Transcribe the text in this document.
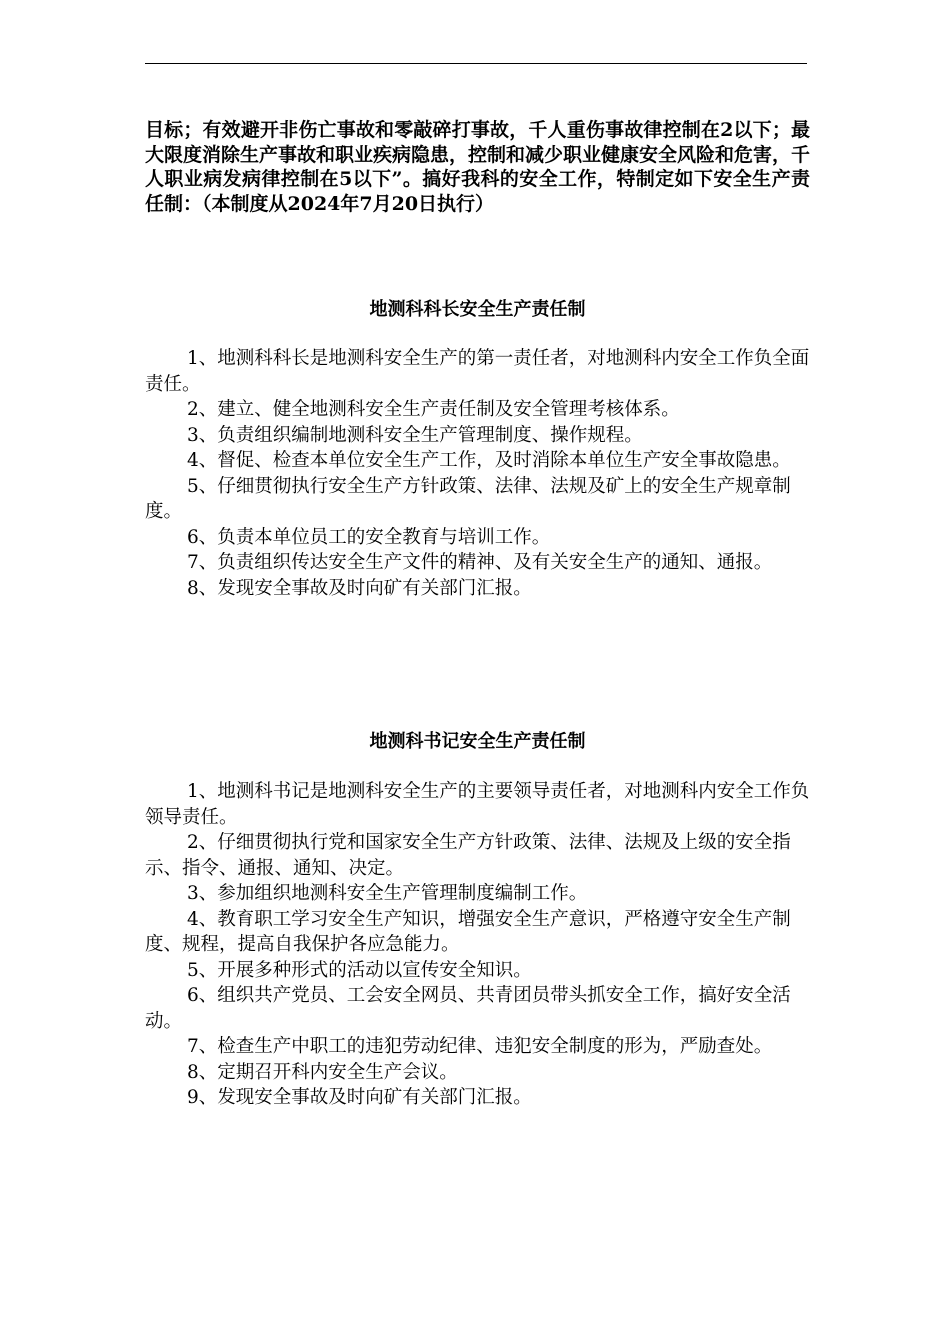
目标；有效避开非伤亡事故和零敲碎打事故，千人重伤事故律控制在2以下；最大限度消除生产事故和职业疾病隐患，控制和减少职业健康安全风险和危害，千人职业病发病律控制在5以下”。搞好我科的安全工作，特制定如下安全生产责任制：（本制度从2024年7月20日执行）

地测科科长安全生产责任制
1、地测科科长是地测科安全生产的第一责任者，对地测科内安全工作负全面责任。
2、建立、健全地测科安全生产责任制及安全管理考核体系。
3、负责组织编制地测科安全生产管理制度、操作规程。
4、督促、检查本单位安全生产工作，及时消除本单位生产安全事故隐患。
5、仔细贯彻执行安全生产方针政策、法律、法规及矿上的安全生产规章制度。
6、负责本单位员工的安全教育与培训工作。
7、负责组织传达安全生产文件的精神、及有关安全生产的通知、通报。
8、发现安全事故及时向矿有关部门汇报。
地测科书记安全生产责任制
1、地测科书记是地测科安全生产的主要领导责任者，对地测科内安全工作负领导责任。
2、仔细贯彻执行党和国家安全生产方针政策、法律、法规及上级的安全指示、指令、通报、通知、决定。
3、参加组织地测科安全生产管理制度编制工作。
4、教育职工学习安全生产知识，增强安全生产意识，严格遵守安全生产制度、规程，提高自我保护各应急能力。
5、开展多种形式的活动以宣传安全知识。
6、组织共产党员、工会安全网员、共青团员带头抓安全工作，搞好安全活动。
7、检查生产中职工的违犯劳动纪律、违犯安全制度的形为，严励查处。
8、定期召开科内安全生产会议。
9、发现安全事故及时向矿有关部门汇报。
